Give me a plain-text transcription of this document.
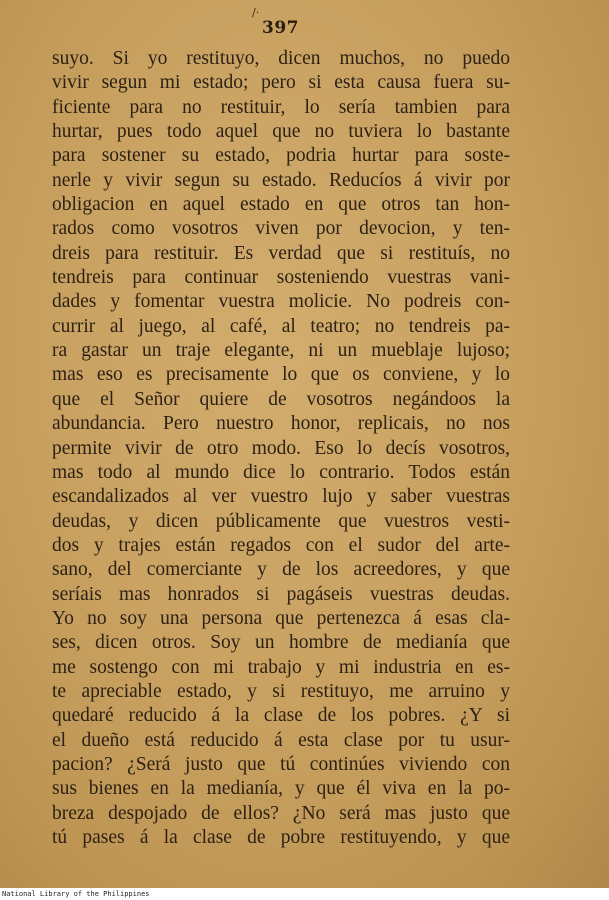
/·
397
suyo. Si yo restituyo, dicen muchos, no puedo
vivir segun mi estado; pero si esta causa fuera su-
ficiente para no restituir, lo sería tambien para
hurtar, pues todo aquel que no tuviera lo bastante
para sostener su estado, podria hurtar para soste-
nerle y vivir segun su estado. Reducíos á vivir por
obligacion en aquel estado en que otros tan hon-
rados como vosotros viven por devocion, y ten-
dreis para restituir. Es verdad que si restituís, no
tendreis para continuar sosteniendo vuestras vani-
dades y fomentar vuestra molicie. No podreis con-
currir al juego, al café, al teatro; no tendreis pa-
ra gastar un traje elegante, ni un mueblaje lujoso;
mas eso es precisamente lo que os conviene, y lo
que el Señor quiere de vosotros negándoos la
abundancia. Pero nuestro honor, replicais, no nos
permite vivir de otro modo. Eso lo decís vosotros,
mas todo al mundo dice lo contrario. Todos están
escandalizados al ver vuestro lujo y saber vuestras
deudas, y dicen públicamente que vuestros vesti-
dos y trajes están regados con el sudor del arte-
sano, del comerciante y de los acreedores, y que
seríais mas honrados si pagáseis vuestras deudas.
Yo no soy una persona que pertenezca á esas cla-
ses, dicen otros. Soy un hombre de medianía que
me sostengo con mi trabajo y mi industria en es-
te apreciable estado, y si restituyo, me arruino y
quedaré reducido á la clase de los pobres. ¿Y si
el dueño está reducido á esta clase por tu usur-
pacion? ¿Será justo que tú continúes viviendo con
sus bienes en la medianía, y que él viva en la po-
breza despojado de ellos? ¿No será mas justo que
tú pases á la clase de pobre restituyendo, y que
National Library of the Philippines
